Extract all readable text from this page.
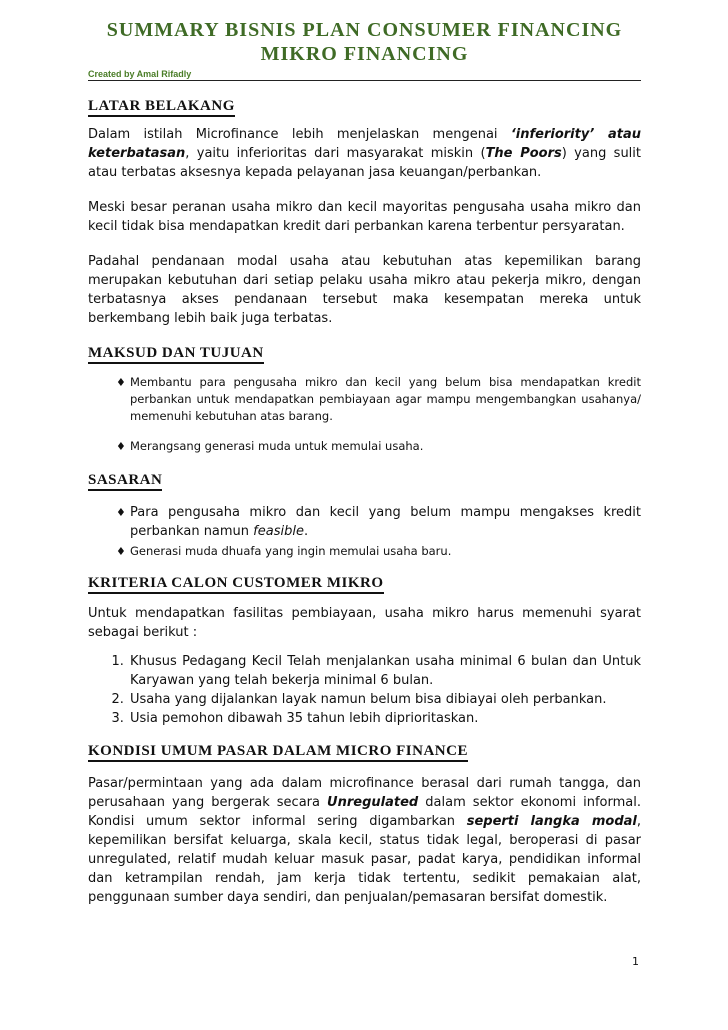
SUMMARY BISNIS PLAN CONSUMER FINANCING

MIKRO FINANCING

Created by Amal Rifadly
LATAR BELAKANG

Dalam istilah Microfinance lebih menjelaskan mengenai ‘inferiority’ atau keterbatasan, yaitu inferioritas dari masyarakat miskin (The Poors) yang sulit atau terbatas aksesnya kepada pelayanan jasa keuangan/perbankan.

Meski besar peranan usaha mikro dan kecil mayoritas pengusaha usaha mikro dan kecil tidak bisa mendapatkan kredit dari perbankan karena terbentur persyaratan.

Padahal pendanaan modal usaha atau kebutuhan atas kepemilikan barang merupakan kebutuhan dari setiap pelaku usaha mikro atau pekerja mikro, dengan terbatasnya akses pendanaan tersebut maka kesempatan mereka untuk berkembang lebih baik juga terbatas.

MAKSUD DAN TUJUAN
♦ Membantu para pengusaha mikro dan kecil yang belum bisa mendapatkan kredit perbankan untuk mendapatkan pembiayaan agar mampu mengembangkan usahanya/ memenuhi kebutuhan atas barang.
♦ Merangsang generasi muda untuk memulai usaha.
SASARAN
♦ Para pengusaha mikro dan kecil yang belum mampu mengakses kredit perbankan namun feasible.
♦ Generasi muda dhuafa yang ingin memulai usaha baru.
KRITERIA CALON CUSTOMER MIKRO

Untuk mendapatkan fasilitas pembiayaan, usaha mikro harus memenuhi syarat sebagai berikut :

1. Khusus Pedagang Kecil Telah menjalankan usaha minimal 6 bulan dan Untuk Karyawan yang telah bekerja minimal 6 bulan.
2. Usaha yang dijalankan layak namun belum bisa dibiayai oleh perbankan.
3. Usia pemohon dibawah 35 tahun lebih diprioritaskan.
KONDISI UMUM PASAR DALAM MICRO FINANCE

Pasar/permintaan yang ada dalam microfinance berasal dari rumah tangga, dan perusahaan yang bergerak secara Unregulated dalam sektor ekonomi informal. Kondisi umum sektor informal sering digambarkan seperti langka modal, kepemilikan bersifat keluarga, skala kecil, status tidak legal, beroperasi di pasar unregulated, relatif mudah keluar masuk pasar, padat karya, pendidikan informal dan ketrampilan rendah, jam kerja tidak tertentu, sedikit pemakaian alat, penggunaan sumber daya sendiri, dan penjualan/pemasaran bersifat domestik.

1
